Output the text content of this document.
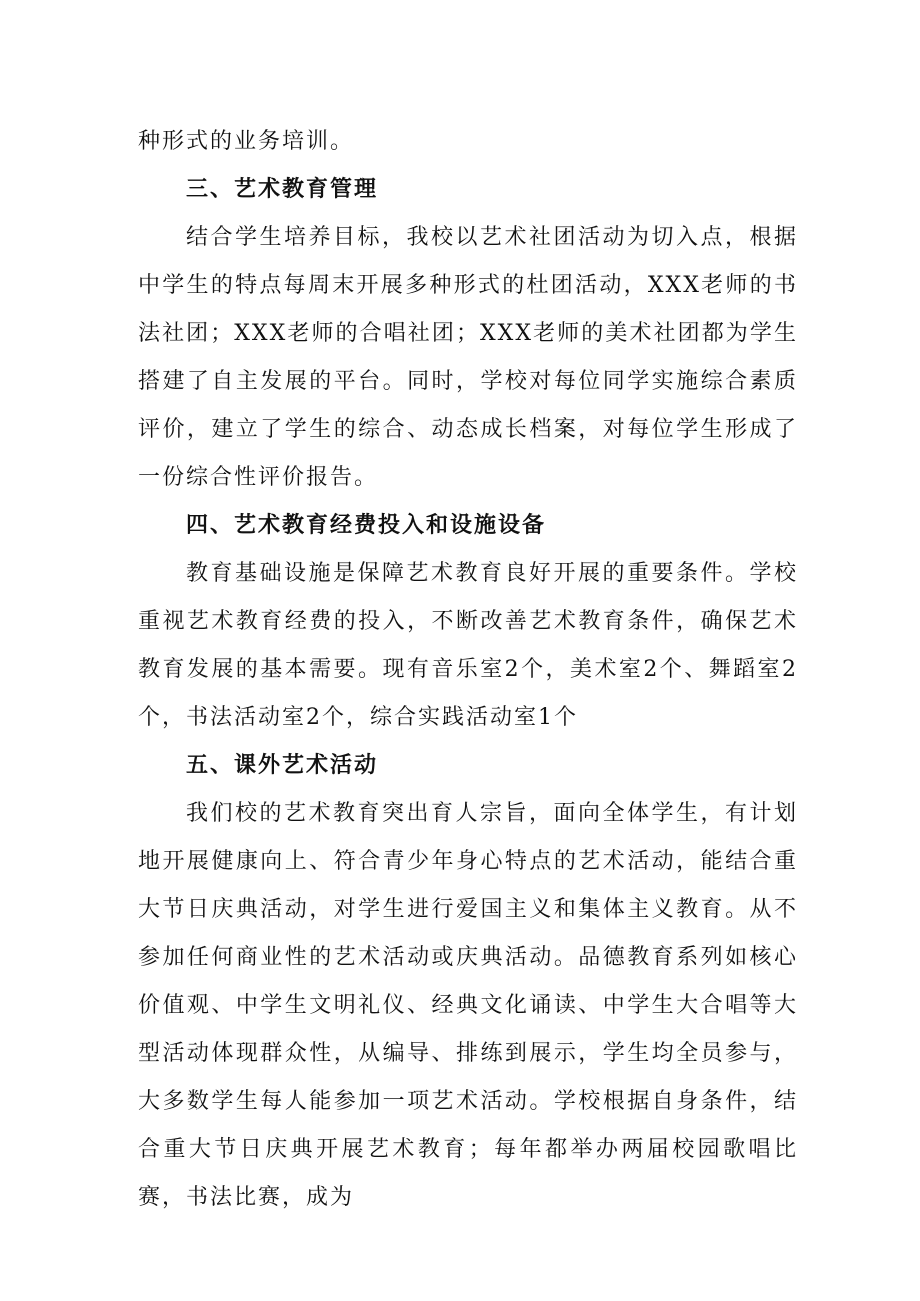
种形式的业务培训。

三、艺术教育管理

结合学生培养目标，我校以艺术社团活动为切入点，根据中学生的特点每周末开展多种形式的杜团活动，XXX老师的书法社团；XXX老师的合唱社团；XXX老师的美术社团都为学生搭建了自主发展的平台。同时，学校对每位同学实施综合素质评价，建立了学生的综合、动态成长档案，对每位学生形成了一份综合性评价报告。

四、艺术教育经费投入和设施设备

教育基础设施是保障艺术教育良好开展的重要条件。学校重视艺术教育经费的投入，不断改善艺术教育条件，确保艺术教育发展的基本需要。现有音乐室2个，美术室2个、舞蹈室2个，书法活动室2个，综合实践活动室1个

五、课外艺术活动

我们校的艺术教育突出育人宗旨，面向全体学生，有计划地开展健康向上、符合青少年身心特点的艺术活动，能结合重大节日庆典活动，对学生进行爱国主义和集体主义教育。从不参加任何商业性的艺术活动或庆典活动。品德教育系列如核心价值观、中学生文明礼仪、经典文化诵读、中学生大合唱等大型活动体现群众性，从编导、排练到展示，学生均全员参与，大多数学生每人能参加一项艺术活动。学校根据自身条件，结合重大节日庆典开展艺术教育；每年都举办两届校园歌唱比赛，书法比赛，成为
